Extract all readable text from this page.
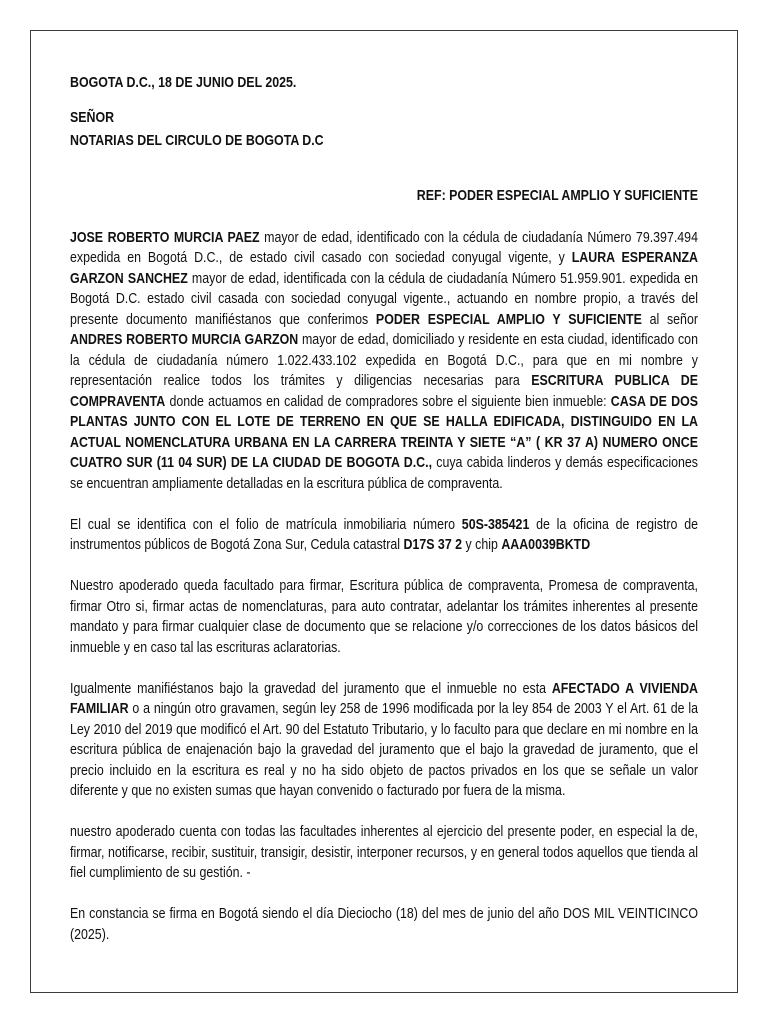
BOGOTA D.C., 18 DE JUNIO DEL 2025.

SEÑOR

NOTARIAS DEL CIRCULO DE BOGOTA D.C

REF: PODER ESPECIAL AMPLIO Y SUFICIENTE

JOSE ROBERTO MURCIA PAEZ mayor de edad, identificado con la cédula de ciudadanía Número 79.397.494 expedida en Bogotá D.C., de estado civil casado con sociedad conyugal vigente, y LAURA ESPERANZA GARZON SANCHEZ mayor de edad, identificada con la cédula de ciudadanía Número 51.959.901. expedida en Bogotá D.C. estado civil casada con sociedad conyugal vigente., actuando en nombre propio, a través del presente documento manifiéstanos que conferimos PODER ESPECIAL AMPLIO Y SUFICIENTE al señor ANDRES ROBERTO MURCIA GARZON mayor de edad, domiciliado y residente en esta ciudad, identificado con la cédula de ciudadanía número 1.022.433.102 expedida en Bogotá D.C., para que en mi nombre y representación realice todos los trámites y diligencias necesarias para ESCRITURA PUBLICA DE COMPRAVENTA donde actuamos en calidad de compradores sobre el siguiente bien inmueble: CASA DE DOS PLANTAS JUNTO CON EL LOTE DE TERRENO EN QUE SE HALLA EDIFICADA, DISTINGUIDO EN LA ACTUAL NOMENCLATURA URBANA EN LA CARRERA TREINTA Y SIETE “A” ( KR 37 A) NUMERO ONCE CUATRO SUR (11 04 SUR) DE LA CIUDAD DE BOGOTA D.C., cuya cabida linderos y demás especificaciones se encuentran ampliamente detalladas en la escritura pública de compraventa.

El cual se identifica con el folio de matrícula inmobiliaria número 50S-385421 de la oficina de registro de instrumentos públicos de Bogotá Zona Sur, Cedula catastral D17S 37 2 y chip AAA0039BKTD

Nuestro apoderado queda facultado para firmar, Escritura pública de compraventa, Promesa de compraventa, firmar Otro si, firmar actas de nomenclaturas, para auto contratar, adelantar los trámites inherentes al presente mandato y para firmar cualquier clase de documento que se relacione y/o correcciones de los datos básicos del inmueble y en caso tal las escrituras aclaratorias.

Igualmente manifiéstanos bajo la gravedad del juramento que el inmueble no esta AFECTADO A VIVIENDA FAMILIAR o a ningún otro gravamen, según ley 258 de 1996 modificada por la ley 854 de 2003 Y el Art. 61 de la Ley 2010 del 2019 que modificó el Art. 90 del Estatuto Tributario, y lo faculto para que declare en mi nombre en la escritura pública de enajenación bajo la gravedad del juramento que el bajo la gravedad de juramento, que el precio incluido en la escritura es real y no ha sido objeto de pactos privados en los que se señale un valor diferente y que no existen sumas que hayan convenido o facturado por fuera de la misma.

nuestro apoderado cuenta con todas las facultades inherentes al ejercicio del presente poder, en especial la de, firmar, notificarse, recibir, sustituir, transigir, desistir, interponer recursos, y en general todos aquellos que tienda al fiel cumplimiento de su gestión. -

En constancia se firma en Bogotá siendo el día Dieciocho (18) del mes de junio del año DOS MIL VEINTICINCO (2025).
